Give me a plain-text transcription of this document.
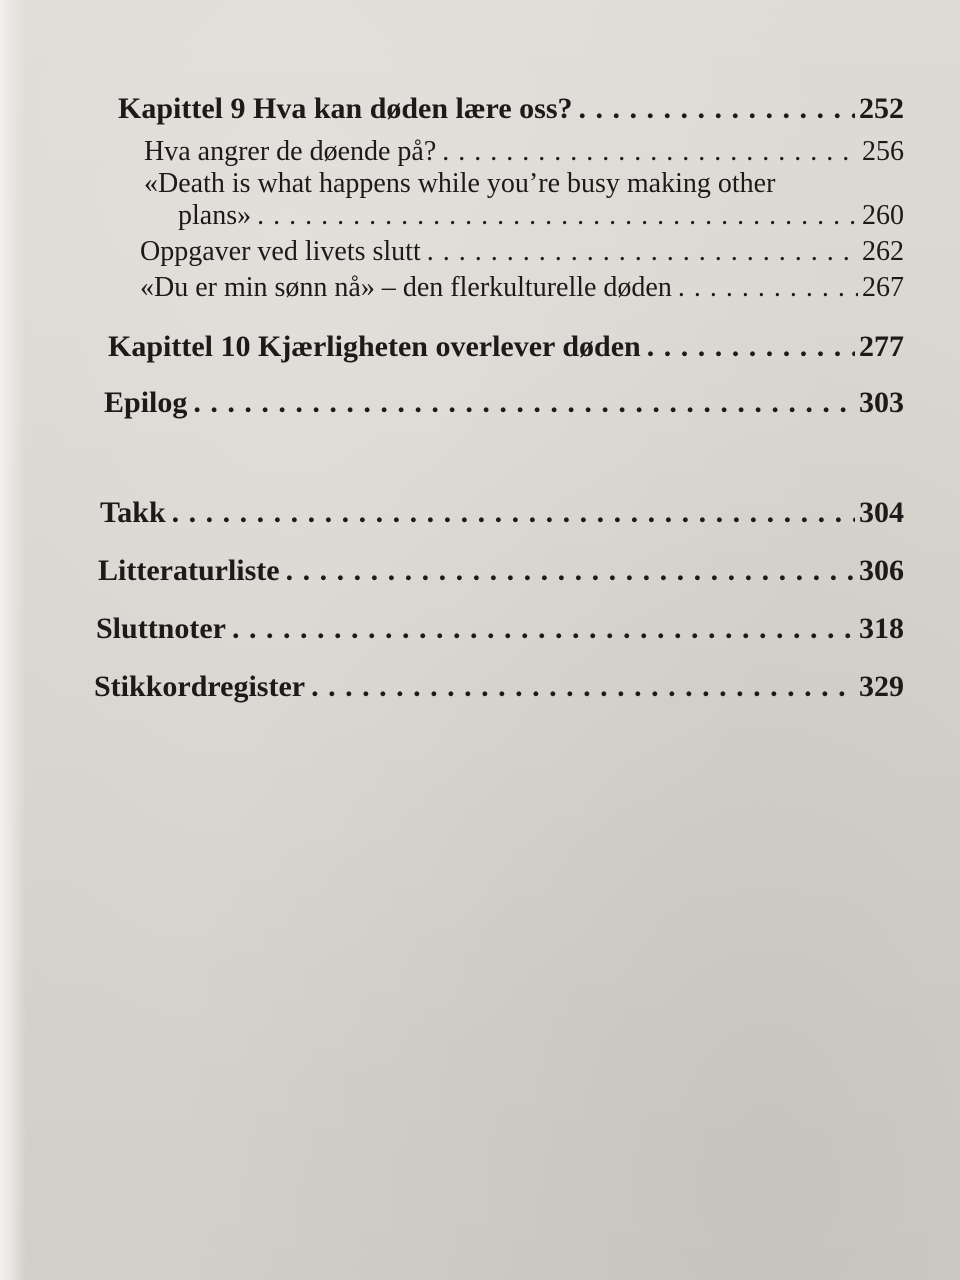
Kapittel 9 Hva kan døden lære oss? . . .	252
Hva angrer de døende på? . . .	256
«Death is what happens while you’re busy making other
plans» . . .	260
Oppgaver ved livets slutt . . .	262
«Du er min sønn nå» – den flerkulturelle døden . . .	267
Kapittel 10 Kjærligheten overlever døden . . .	277
Epilog . . .	303
Takk . . .	304
Litteraturliste . . .	306
Sluttnoter . . .	318
Stikkordregister . . .	329
